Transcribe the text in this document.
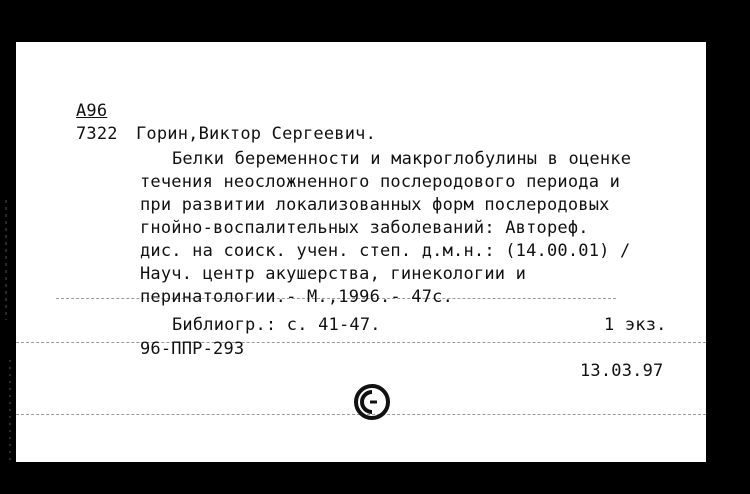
A96
7322 Горин,Виктор Сергеевич.
Белки беременности и макроглобулины в оценке
течения неосложненного послеродового периода и
при развитии локализованных форм послеродовых
гнойно-воспалительных заболеваний: Автореф.
дис. на соиск. учен. степ. д.м.н.: (14.00.01) /
Науч. центр акушерства, гинекологии и
перинатологии.- М.,1996.- 47с.
Библиогр.: с. 41-47.	1 экз.
96-ППР-293
13.03.97
